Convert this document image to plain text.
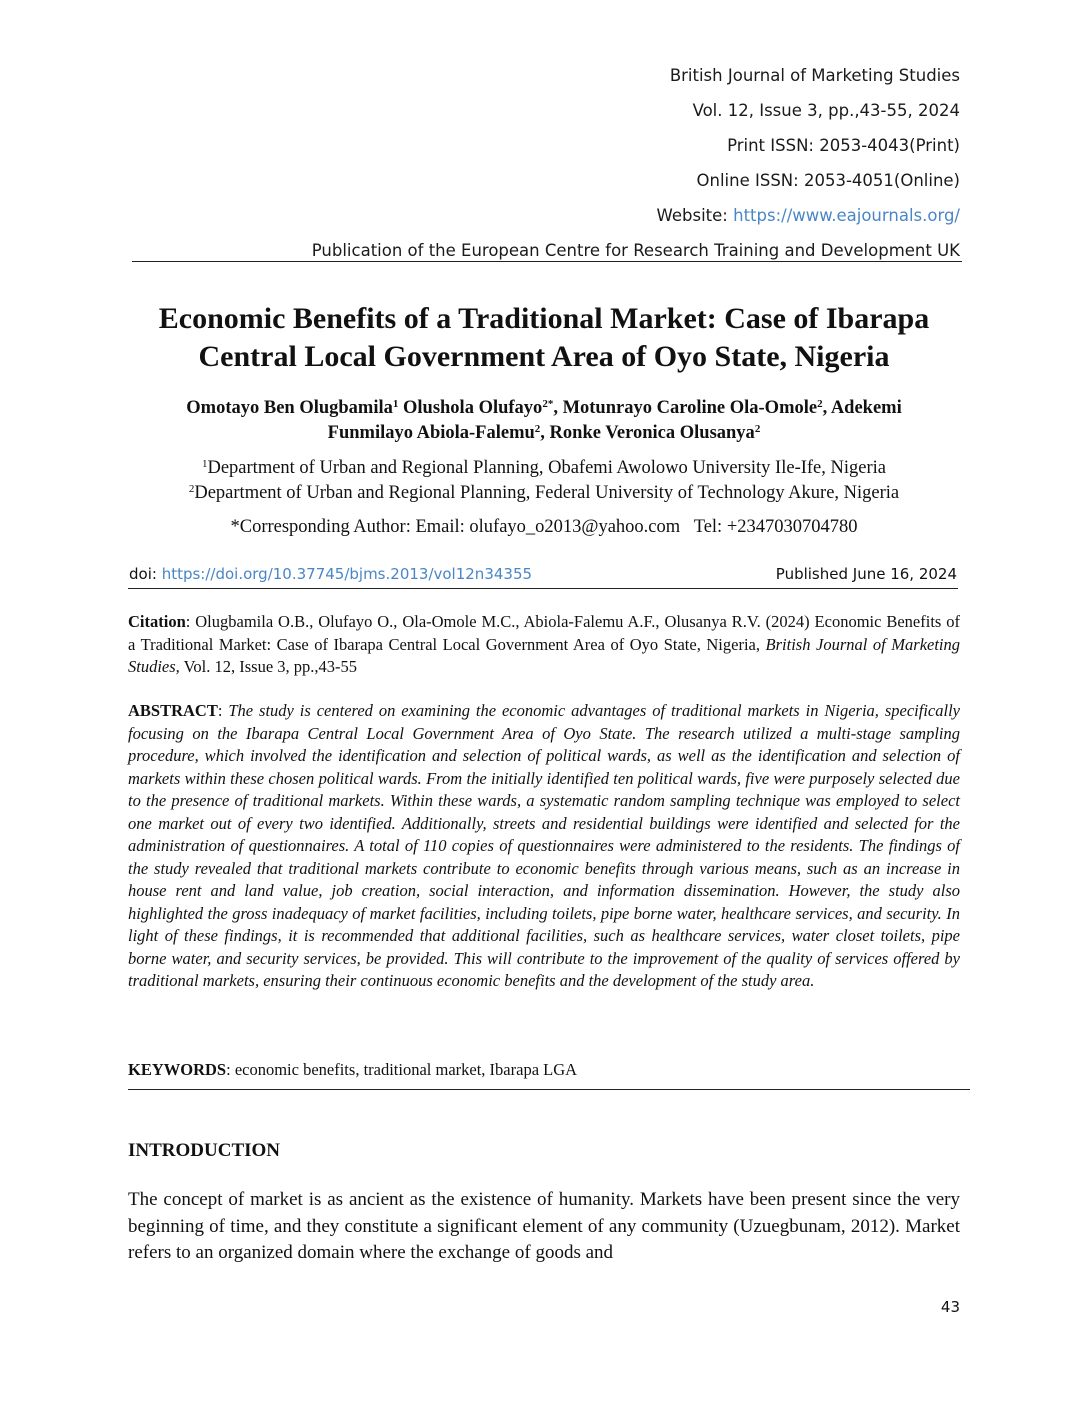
British Journal of Marketing Studies
Vol. 12, Issue 3, pp.,43-55, 2024
Print ISSN: 2053-4043(Print)
Online ISSN: 2053-4051(Online)
Website: https://www.eajournals.org/
Publication of the European Centre for Research Training and Development UK
Economic Benefits of a Traditional Market: Case of Ibarapa
Central Local Government Area of Oyo State, Nigeria
Omotayo Ben Olugbamila$^1$ Olushola Olufayo$^{2*}$, Motunrayo Caroline Ola-Omole$^2$, Adekemi
Funmilayo Abiola-Falemu$^2$, Ronke Veronica Olusanya$^2$
$^1$Department of Urban and Regional Planning, Obafemi Awolowo University Ile-Ife, Nigeria
$^2$Department of Urban and Regional Planning, Federal University of Technology Akure, Nigeria
*Corresponding Author: Email: olufayo_o2013@yahoo.com   Tel: +2347030704780
doi: https://doi.org/10.37745/bjms.2013/vol12n34355	Published June 16, 2024
Citation: Olugbamila O.B., Olufayo O., Ola-Omole M.C., Abiola-Falemu A.F., Olusanya R.V. (2024) Economic Benefits of a Traditional Market: Case of Ibarapa Central Local Government Area of Oyo State, Nigeria, British Journal of Marketing Studies, Vol. 12, Issue 3, pp.,43-55
ABSTRACT: The study is centered on examining the economic advantages of traditional markets in Nigeria, specifically focusing on the Ibarapa Central Local Government Area of Oyo State. The research utilized a multi-stage sampling procedure, which involved the identification and selection of political wards, as well as the identification and selection of markets within these chosen political wards. From the initially identified ten political wards, five were purposely selected due to the presence of traditional markets. Within these wards, a systematic random sampling technique was employed to select one market out of every two identified. Additionally, streets and residential buildings were identified and selected for the administration of questionnaires. A total of 110 copies of questionnaires were administered to the residents. The findings of the study revealed that traditional markets contribute to economic benefits through various means, such as an increase in house rent and land value, job creation, social interaction, and information dissemination. However, the study also highlighted the gross inadequacy of market facilities, including toilets, pipe borne water, healthcare services, and security. In light of these findings, it is recommended that additional facilities, such as healthcare services, water closet toilets, pipe borne water, and security services, be provided. This will contribute to the improvement of the quality of services offered by traditional markets, ensuring their continuous economic benefits and the development of the study area.
KEYWORDS: economic benefits, traditional market, Ibarapa LGA
INTRODUCTION
The concept of market is as ancient as the existence of humanity. Markets have been present since the very beginning of time, and they constitute a significant element of any community (Uzuegbunam, 2012). Market refers to an organized domain where the exchange of goods and
43
